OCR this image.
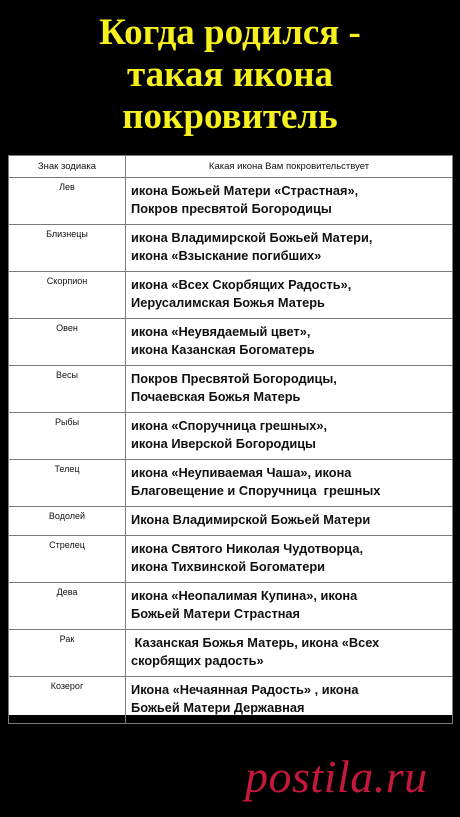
Когда родился -
такая икона
покровитель
Знак зодиака	Какая икона Вам покровительствует
Лев	икона Божьей Матери «Страстная»,
Покров пресвятой Богородицы

Близнецы	икона Владимирской Божьей Матери,
икона «Взыскание погибших»

Скорпион	икона «Всех Скорбящих Радость»,
Иерусалимская Божья Матерь

Овен	икона «Неувядаемый цвет»,
икона Казанская Богоматерь

Весы	Покров Пресвятой Богородицы,
Почаевская Божья Матерь

Рыбы	икона «Споручница грешных»,
икона Иверской Богородицы

Телец	икона «Неупиваемая Чаша», икона
Благовещение и Споручница  грешных

Водолей	Икона Владимирской Божьей Матери

Стрелец	икона Святого Николая Чудотворца,
икона Тихвинской Богоматери

Дева	икона «Неопалимая Купина», икона
Божьей Матери Страстная

Рак	Казанская Божья Матерь, икона «Всех
скорбящих радость»

Козерог	Икона «Нечаянная Радость» , икона
Божьей Матери Державная
postila.ru
